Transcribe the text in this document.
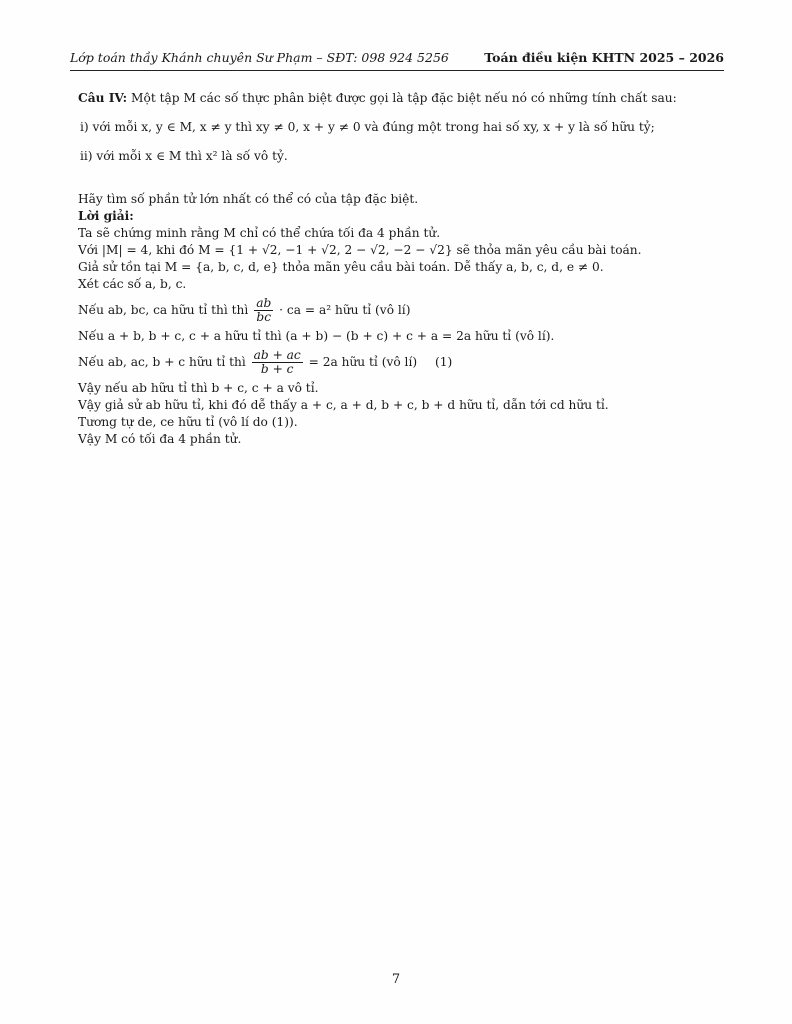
Lớp toán thầy Khánh chuyên Sư Phạm – SĐT: 098 924 5256	Toán điều kiện KHTN 2025 – 2026

Câu IV: Một tập M các số thực phân biệt được gọi là tập đặc biệt nếu nó có những tính chất sau:

i) với mỗi x, y ∈ M, x ≠ y thì xy ≠ 0, x + y ≠ 0 và đúng một trong hai số xy, x + y là số hữu tỷ;

ii) với mỗi x ∈ M thì x² là số vô tỷ.

Hãy tìm số phần tử lớn nhất có thể có của tập đặc biệt.

Lời giải:

Ta sẽ chứng minh rằng M chỉ có thể chứa tối đa 4 phần tử.

Với |M| = 4, khi đó M = {1 + √2, −1 + √2, 2 − √2, −2 − √2} sẽ thỏa mãn yêu cầu bài toán.

Giả sử tồn tại M = {a, b, c, d, e} thỏa mãn yêu cầu bài toán. Dễ thấy a, b, c, d, e ≠ 0.

Xét các số a, b, c.

Nếu ab, bc, ca hữu tỉ thì thì $\frac{ab}{bc}$ · ca = a² hữu tỉ (vô lí)

Nếu a + b, b + c, c + a hữu tỉ thì (a + b) − (b + c) + c + a = 2a hữu tỉ (vô lí).

Nếu ab, ac, b + c hữu tỉ thì $\frac{ab + ac}{b + c} = 2a$ hữu tỉ (vô lí) (1)

Vậy nếu ab hữu tỉ thì b + c, c + a vô tỉ.

Vậy giả sử ab hữu tỉ, khi đó dễ thấy a + c, a + d, b + c, b + d hữu tỉ, dẫn tới cd hữu tỉ.

Tương tự de, ce hữu tỉ (vô lí do (1)).

Vậy M có tối đa 4 phần tử.

7
